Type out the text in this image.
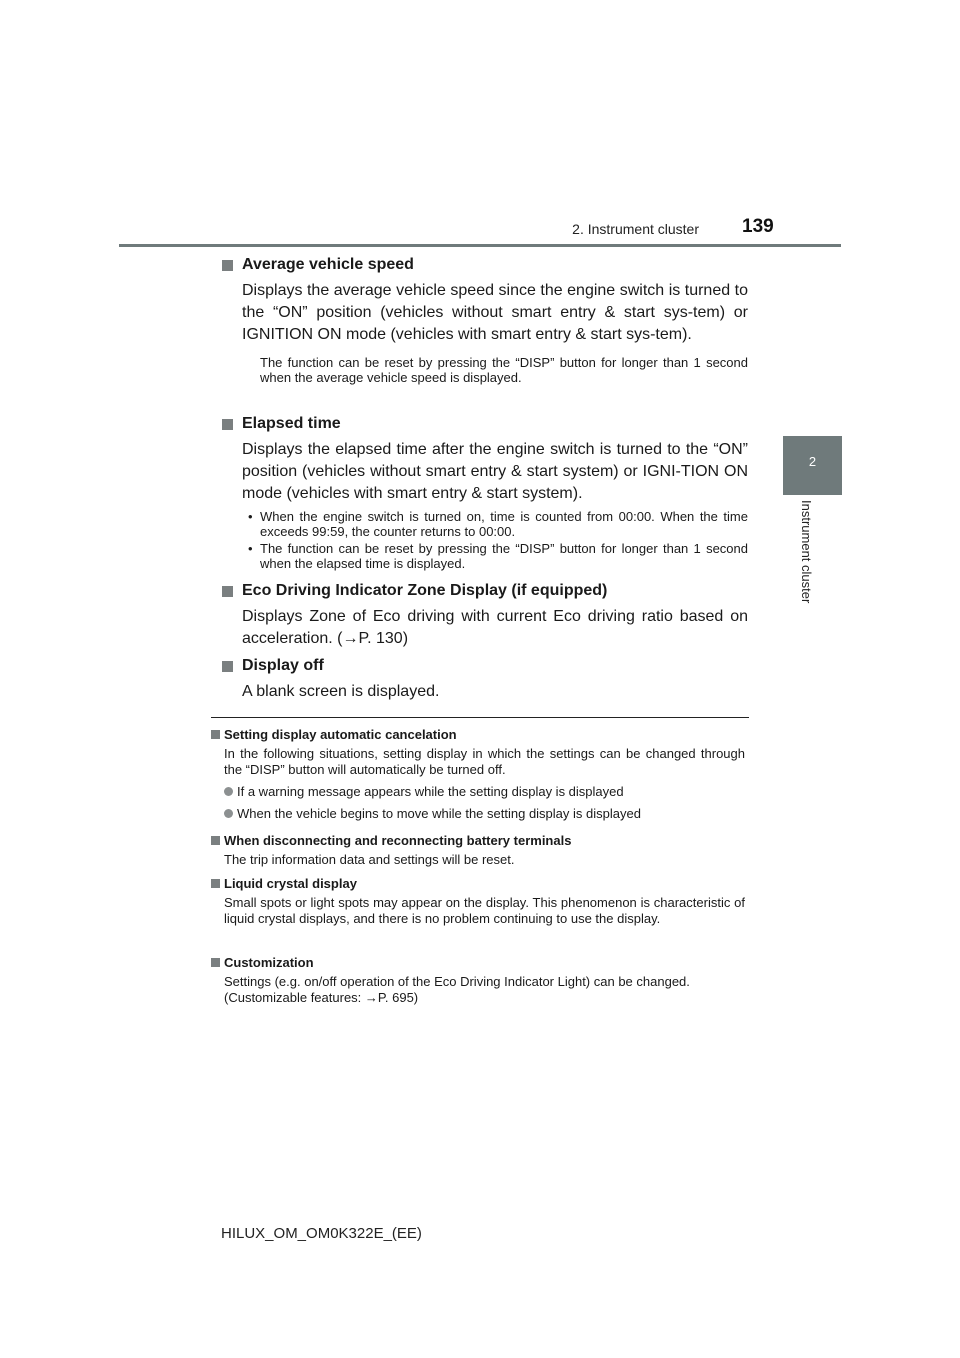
2. Instrument cluster 139
2
Instrument cluster
Average vehicle speed

Displays the average vehicle speed since the engine switch is turned to the “ON” position (vehicles without smart entry & start sys-tem) or IGNITION ON mode (vehicles with smart entry & start sys-tem).

The function can be reset by pressing the “DISP” button for longer than 1 second when the average vehicle speed is displayed.

Elapsed time

Displays the elapsed time after the engine switch is turned to the “ON” position (vehicles without smart entry & start system) or IGNI-TION ON mode (vehicles with smart entry & start system).

• When the engine switch is turned on, time is counted from 00:00. When the time exceeds 99:59, the counter returns to 00:00.
• The function can be reset by pressing the “DISP” button for longer than 1 second when the elapsed time is displayed.
Eco Driving Indicator Zone Display (if equipped)

Displays Zone of Eco driving with current Eco driving ratio based on acceleration. (→P. 130)

Display off

A blank screen is displayed.

Setting display automatic cancelation

In the following situations, setting display in which the settings can be changed through the “DISP” button will automatically be turned off.

If a warning message appears while the setting display is displayed

When the vehicle begins to move while the setting display is displayed

When disconnecting and reconnecting battery terminals

The trip information data and settings will be reset.

Liquid crystal display

Small spots or light spots may appear on the display. This phenomenon is characteristic of liquid crystal displays, and there is no problem continuing to use the display.

Customization

Settings (e.g. on/off operation of the Eco Driving Indicator Light) can be changed.

(Customizable features: →P. 695)

HILUX_OM_OM0K322E_(EE)
